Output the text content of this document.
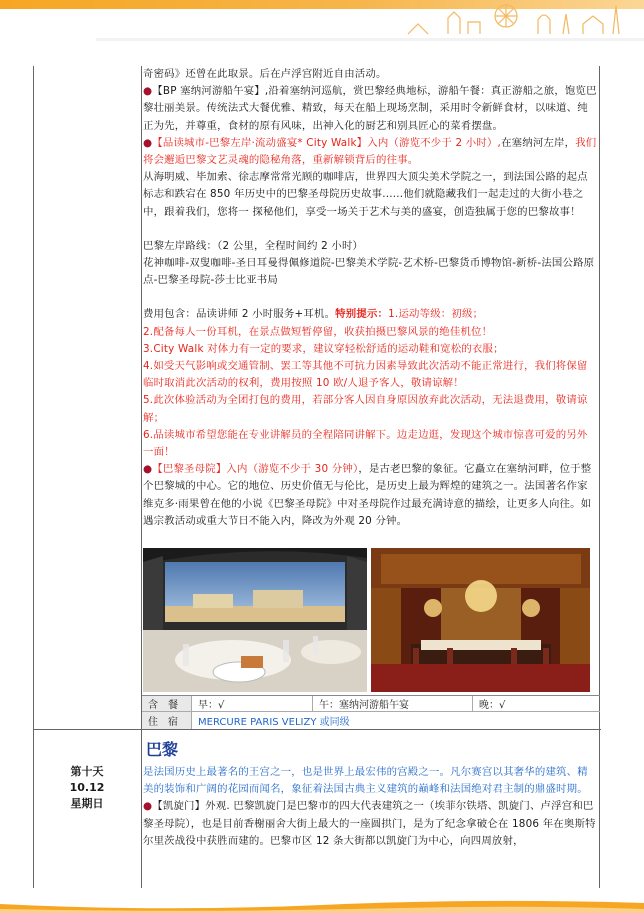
奇密码》还曾在此取景。后在卢浮宫附近自由活动。
●【BP 塞纳河游船午宴】,沿着塞纳河巡航，赏巴黎经典地标，游船午餐：真正游船之旅，饱览巴黎壮丽美景。传统法式大餐优雅、精致，每天在船上现场烹制，采用时令新鲜食材，以味道、纯正为先，并尊重，食材的原有风味，出神入化的厨艺和别具匠心的菜肴摆盘。
●【品读城市-巴黎左岸·流动盛宴* City Walk】入内（游览不少于 2 小时）,在塞纳河左岸，我们将会邂逅巴黎文艺灵魂的隐秘角落，重新解锁背后的往事。
从海明威、毕加索、徐志摩常常光顾的咖啡店，世界四大顶尖美术学院之一，到法国公路的起点标志和跌宕在 850 年历史中的巴黎圣母院历史故事......他们就隐藏我们一起走过的大街小巷之中，跟着我们，您将一 探秘他们，享受一场关于艺术与美的盛宴，创造独属于您的巴黎故事！
巴黎左岸路线：（2 公里，全程时间约 2 小时）
花神咖啡-双叟咖啡-圣日耳曼得佩修道院-巴黎美术学院-艺术桥-巴黎货币博物馆-新桥-法国公路原点-巴黎圣母院-莎士比亚书局
费用包含：品读讲师 2 小时服务+耳机。特别提示：1.运动等级：初级；
2.配备每人一份耳机，在景点做短暂停留，收获拍摄巴黎风景的绝佳机位！
3.City Walk 对体力有一定的要求，建议穿轻松舒适的运动鞋和宽松的衣服；
4.如受天气影响或交通管制、罢工等其他不可抗力因素导致此次活动不能正常进行，我们将保留临时取消此次活动的权利，费用按照 10 欧/人退予客人，敬请谅解！
5.此次体验活动为全团打包的费用，若部分客人因自身原因放弃此次活动，无法退费用，敬请谅解；
6.品读城市希望您能在专业讲解员的全程陪同讲解下。边走边逛，发现这个城市惊喜可爱的另外一面！
●【巴黎圣母院】入内（游览不少于 30 分钟），是古老巴黎的象征。它矗立在塞纳河畔，位于整个巴黎城的中心。它的地位、历史价值无与伦比，是历史上最为辉煌的建筑之一。法国著名作家维克多·雨果曾在他的小说《巴黎圣母院》中对圣母院作过最充满诗意的描绘，让更多人向往。如遇宗教活动或重大节日不能入内，降改为外观 20 分钟。
含　餐	早：√	午：塞纳河游船午宴	晚：√
住　宿	MERCURE PARIS VELIZY 或同级
第十天
10.12
星期日
巴黎
是法国历史上最著名的王宫之一，也是世界上最宏伟的宫殿之一。凡尔赛宫以其奢华的建筑、精美的装饰和广阔的花园而闻名，象征着法国古典主义建筑的巅峰和法国绝对君主制的鼎盛时期。
●【凯旋门】外观. 巴黎凯旋门是巴黎市的四大代表建筑之一（埃菲尔铁塔、凯旋门、卢浮宫和巴黎圣母院），也是目前香榭丽舍大街上最大的一座圆拱门，是为了纪念拿破仑在 1806 年在奥斯特尔里茨战役中获胜而建的。巴黎市区 12 条大街都以凯旋门为中心，向四周放射，
